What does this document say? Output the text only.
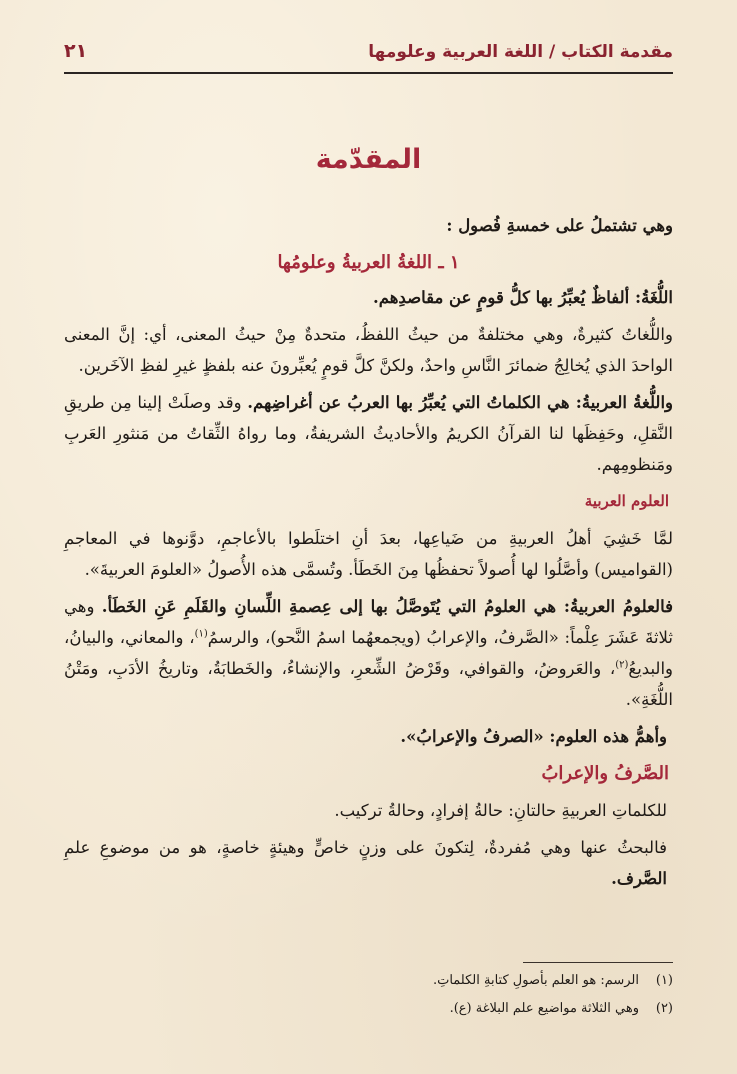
مقدمة الكتاب / اللغة العربية وعلومها
٢١
المقدّمة

وهي تشتملُ على خمسةِ فُصول :

١ ـ اللغةُ العربيةُ وعلومُها

اللُّغَةُ: ألفاظٌ يُعبِّرُ بها كلُّ قومٍ عن مقاصدِهم.

واللُّغاتُ كثيرةٌ، وهي مختلفةٌ من حيثُ اللفظُ، متحدةٌ مِنْ حيثُ المعنى، أي: إنَّ المعنى الواحدَ الذي يُخالِجُ ضمائرَ النَّاسِ واحدٌ، ولكنَّ كلَّ قومٍ يُعبِّرونَ عنه بلفظٍ غيرِ لفظِ الآخَرين.

واللُّغةُ العربيةُ: هي الكلماتُ التي يُعبِّرُ بها العربُ عن أغراضِهم. وقد وصلَتْ إلينا مِن طريقِ النَّقلِ، وحَفِظَها لنا القرآنُ الكريمُ والأحاديثُ الشريفةُ، وما رواهُ الثِّقاتُ من مَنثورِ العَربِ ومَنظومِهم.

العلوم العربية

لمَّا خَشِيَ أهلُ العربيةِ من ضَياعِها، بعدَ أنِ اختلَطوا بالأعاجمِ، دوَّنوها في المعاجمِ (القواميس) وأصَّلُوا لها أُصولاً تحفظُها مِنَ الخَطَأ. وتُسمَّى هذه الأُصولُ «العلومَ العربيةَ».

فالعلومُ العربيةُ: هي العلومُ التي يُتَوصَّلُ بها إلى عِصمةِ اللِّسانِ والقَلَمِ عَنِ الخَطَأ. وهي ثلاثةَ عَشَرَ عِلْماً: «الصَّرفُ، والإعرابُ (ويجمعهُما اسمُ النَّحو)، والرسمُ$^{(١)}$، والمعاني، والبيانُ، والبديعُ$^{(٢)}$، والعَروضُ، والقوافي، وقَرْضُ الشِّعرِ، والإنشاءُ، والخَطابَةُ، وتاريخُ الأدَبِ، ومَتْنُ اللُّغَةِ».

وأهمُّ هذه العلوم: «الصرفُ والإعرابُ».

الصَّرفُ والإعرابُ

للكلماتِ العربيةِ حالتانِ: حالةُ إفرادٍ، وحالةُ تركيب.

فالبحثُ عنها وهي مُفردةٌ، لِتكونَ على وزنٍ خاصٍّ وهيئةٍ خاصةٍ، هو من موضوعِ علمِ الصَّرف.

(١)
الرسم: هو العلم بأصولِ كتابةِ الكلماتِ.
(٢)
وهي الثلاثة مواضيع علم البلاغة (ع).
